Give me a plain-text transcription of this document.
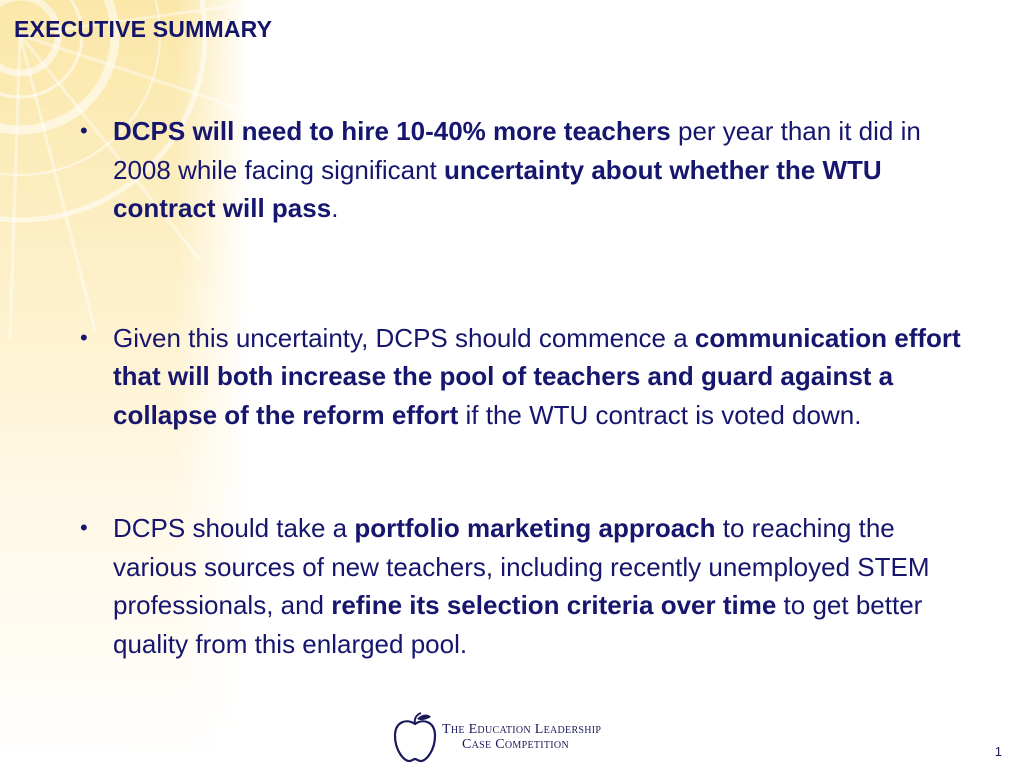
EXECUTIVE SUMMARY
• DCPS will need to hire 10-40% more teachers per year than it did in 2008 while facing significant uncertainty about whether the WTU contract will pass.
• Given this uncertainty, DCPS should commence a communication effort that will both increase the pool of teachers and guard against a collapse of the reform effort if the WTU contract is voted down.
• DCPS should take a portfolio marketing approach to reaching the various sources of new teachers, including recently unemployed STEM professionals, and refine its selection criteria over time to get better quality from this enlarged pool.
The Education Leadership
Case Competition	1
